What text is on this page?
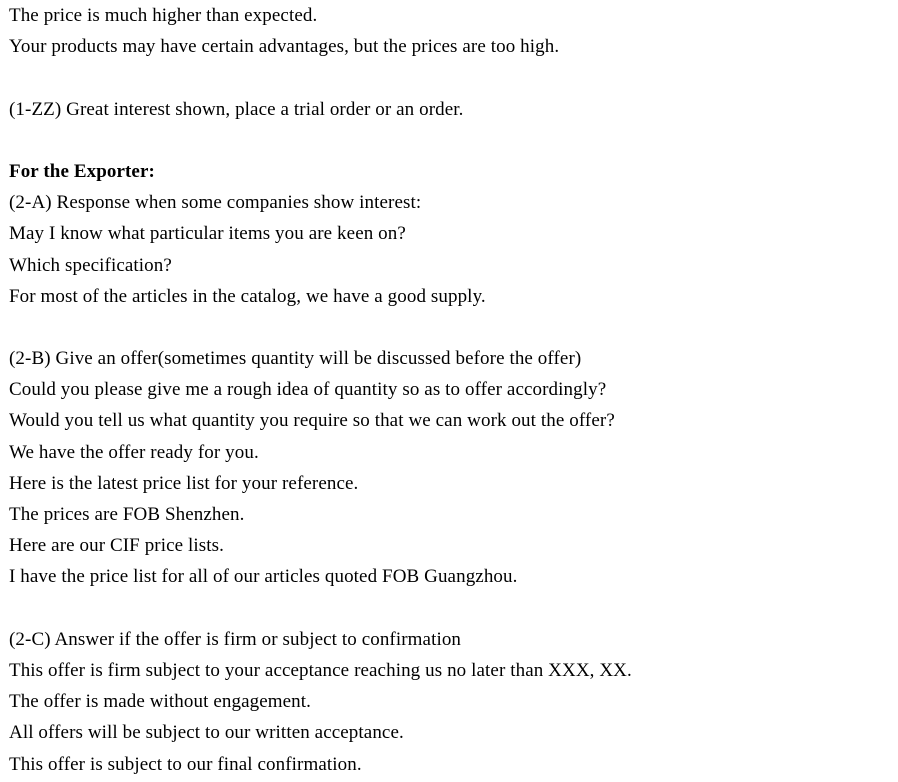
The price is much higher than expected.
Your products may have certain advantages, but the prices are too high.
(1-ZZ) Great interest shown, place a trial order or an order.
For the Exporter:
(2-A) Response when some companies show interest:
May I know what particular items you are keen on?
Which specification?
For most of the articles in the catalog, we have a good supply.
(2-B) Give an offer(sometimes quantity will be discussed before the offer)
Could you please give me a rough idea of quantity so as to offer accordingly?
Would you tell us what quantity you require so that we can work out the offer?
We have the offer ready for you.
Here is the latest price list for your reference.
The prices are FOB Shenzhen.
Here are our CIF price lists.
I have the price list for all of our articles quoted FOB Guangzhou.
(2-C) Answer if the offer is firm or subject to confirmation
This offer is firm subject to your acceptance reaching us no later than XXX, XX.
The offer is made without engagement.
All offers will be subject to our written acceptance.
This offer is subject to our final confirmation.
